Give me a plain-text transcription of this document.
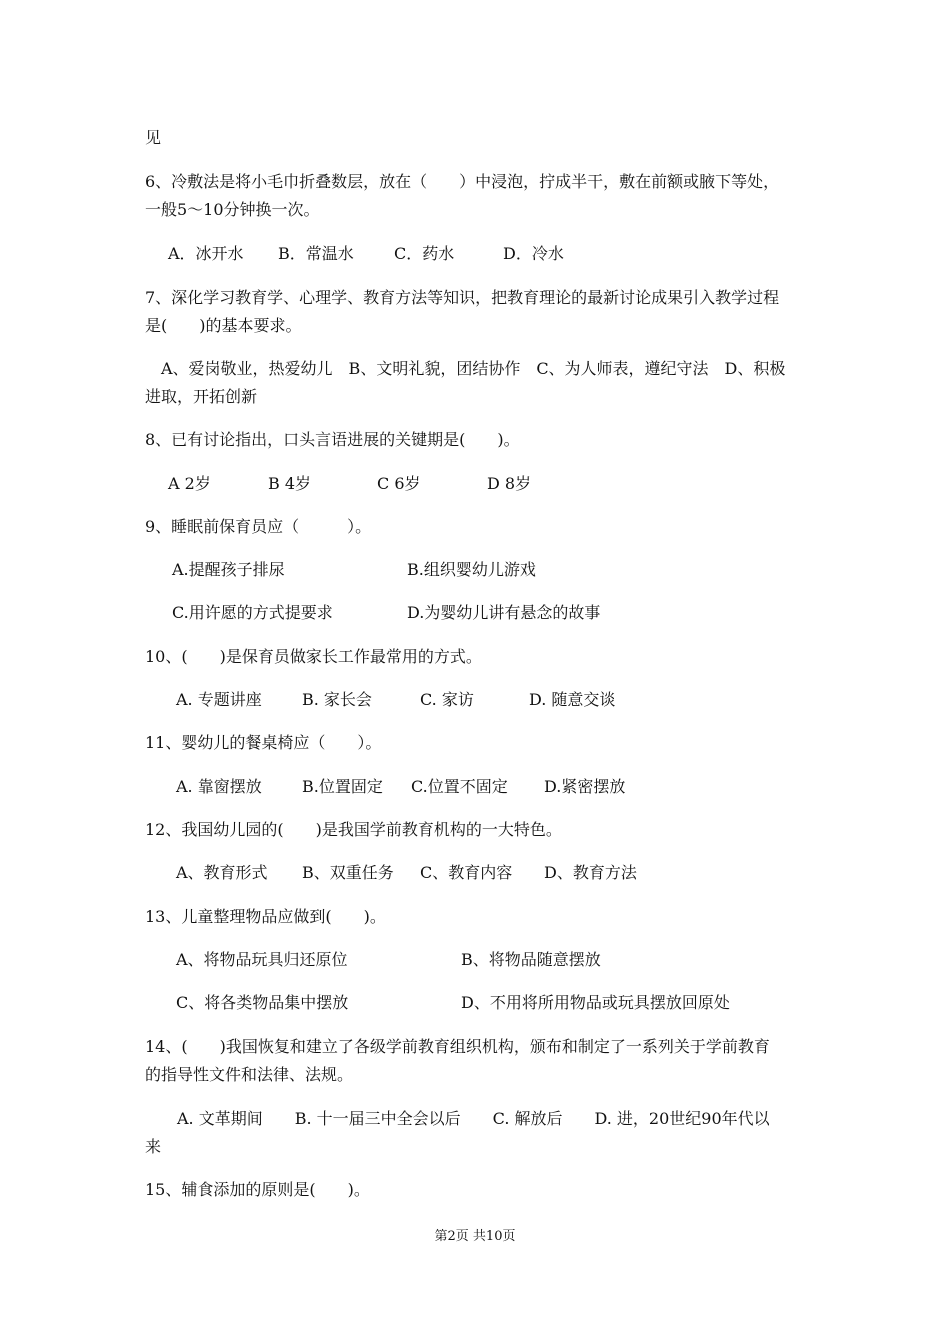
见
6、冷敷法是将小毛巾折叠数层，放在（　　）中浸泡，拧成半干，敷在前额或腋下等处，
一般5～10分钟换一次。
A．冰开水 B．常温水	C．药水	D．冷水
7、深化学习教育学、心理学、教育方法等知识，把教育理论的最新讨论成果引入教学过程
是(　　)的基本要求。
　A、爱岗敬业，热爱幼儿　B、文明礼貌，团结协作　C、为人师表，遵纪守法　D、积极
进取，开拓创新
8、已有讨论指出，口头言语进展的关键期是(　　)。
A 2岁	B 4岁	C 6岁	D 8岁
9、睡眠前保育员应（　　　）。
A.提醒孩子排尿	B.组织婴幼儿游戏
C.用许愿的方式提要求	D.为婴幼儿讲有悬念的故事
10、(　　)是保育员做家长工作最常用的方式。
A. 专题讲座	B. 家长会	C. 家访	D. 随意交谈
11、婴幼儿的餐桌椅应（　　）。
A. 靠窗摆放	B.位置固定 C.位置不固定 D.紧密摆放
12、我国幼儿园的(　　)是我国学前教育机构的一大特色。
A、教育形式 B、双重任务 C、教育内容 D、教育方法
13、儿童整理物品应做到(　　)。
A、将物品玩具归还原位	B、将物品随意摆放
C、将各类物品集中摆放	D、不用将所用物品或玩具摆放回原处
14、(　　)我国恢复和建立了各级学前教育组织机构，颁布和制定了一系列关于学前教育
的指导性文件和法律、法规。
　　A. 文革期间　　B. 十一届三中全会以后　　C. 解放后　　D. 进，20世纪90年代以
来
15、辅食添加的原则是(　　)。
第2页 共10页
